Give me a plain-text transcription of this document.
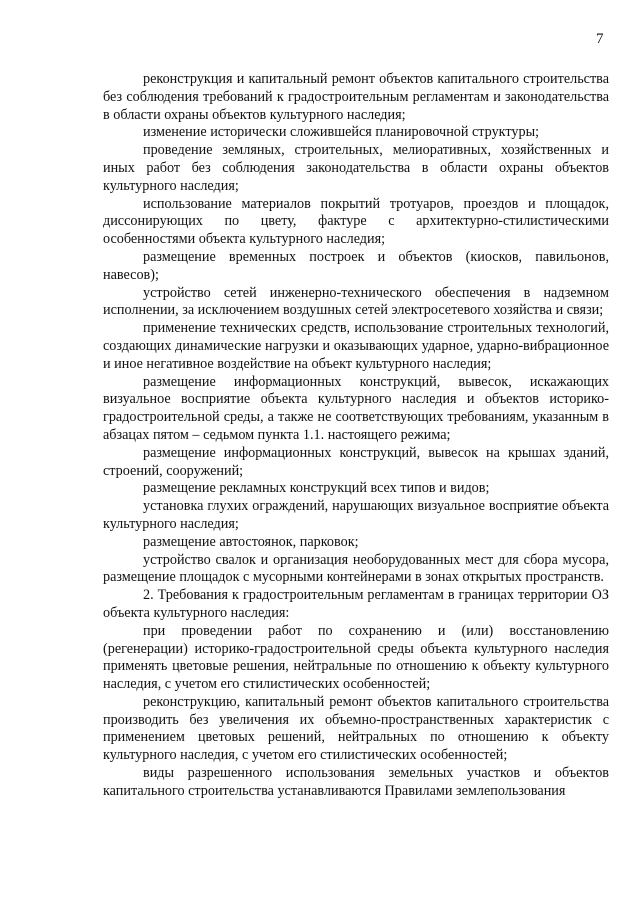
7

реконструкция и капитальный ремонт объектов капитального строительства без соблюдения требований к градостроительным регламентам и законодательства в области охраны объектов культурного наследия;

изменение исторически сложившейся планировочной структуры;

проведение земляных, строительных, мелиоративных, хозяйственных и иных работ без соблюдения законодательства в области охраны объектов культурного наследия;

использование материалов покрытий тротуаров, проездов и площадок, диссонирующих по цвету, фактуре с архитектурно-стилистическими особенностями объекта культурного наследия;

размещение временных построек и объектов (киосков, павильонов, навесов);

устройство сетей инженерно-технического обеспечения в надземном исполнении, за исключением воздушных сетей электросетевого хозяйства и связи;

применение технических средств, использование строительных технологий, создающих динамические нагрузки и оказывающих ударное, ударно-вибрационное и иное негативное воздействие на объект культурного наследия;

размещение информационных конструкций, вывесок, искажающих визуальное восприятие объекта культурного наследия и объектов историко-градостроительной среды, а также не соответствующих требованиям, указанным в абзацах пятом – седьмом пункта 1.1. настоящего режима;

размещение информационных конструкций, вывесок на крышах зданий, строений, сооружений;

размещение рекламных конструкций всех типов и видов;

установка глухих ограждений, нарушающих визуальное восприятие объекта культурного наследия;

размещение автостоянок, парковок;

устройство свалок и организация необорудованных мест для сбора мусора, размещение площадок с мусорными контейнерами в зонах открытых пространств.

2. Требования к градостроительным регламентам в границах территории ОЗ объекта культурного наследия:

при проведении работ по сохранению и (или) восстановлению (регенерации) историко-градостроительной среды объекта культурного наследия применять цветовые решения, нейтральные по отношению к объекту культурного наследия, с учетом его стилистических особенностей;

реконструкцию, капитальный ремонт объектов капитального строительства производить без увеличения их объемно-пространственных характеристик с применением цветовых решений, нейтральных по отношению к объекту культурного наследия, с учетом его стилистических особенностей;

виды разрешенного использования земельных участков и объектов капитального строительства устанавливаются Правилами землепользования
